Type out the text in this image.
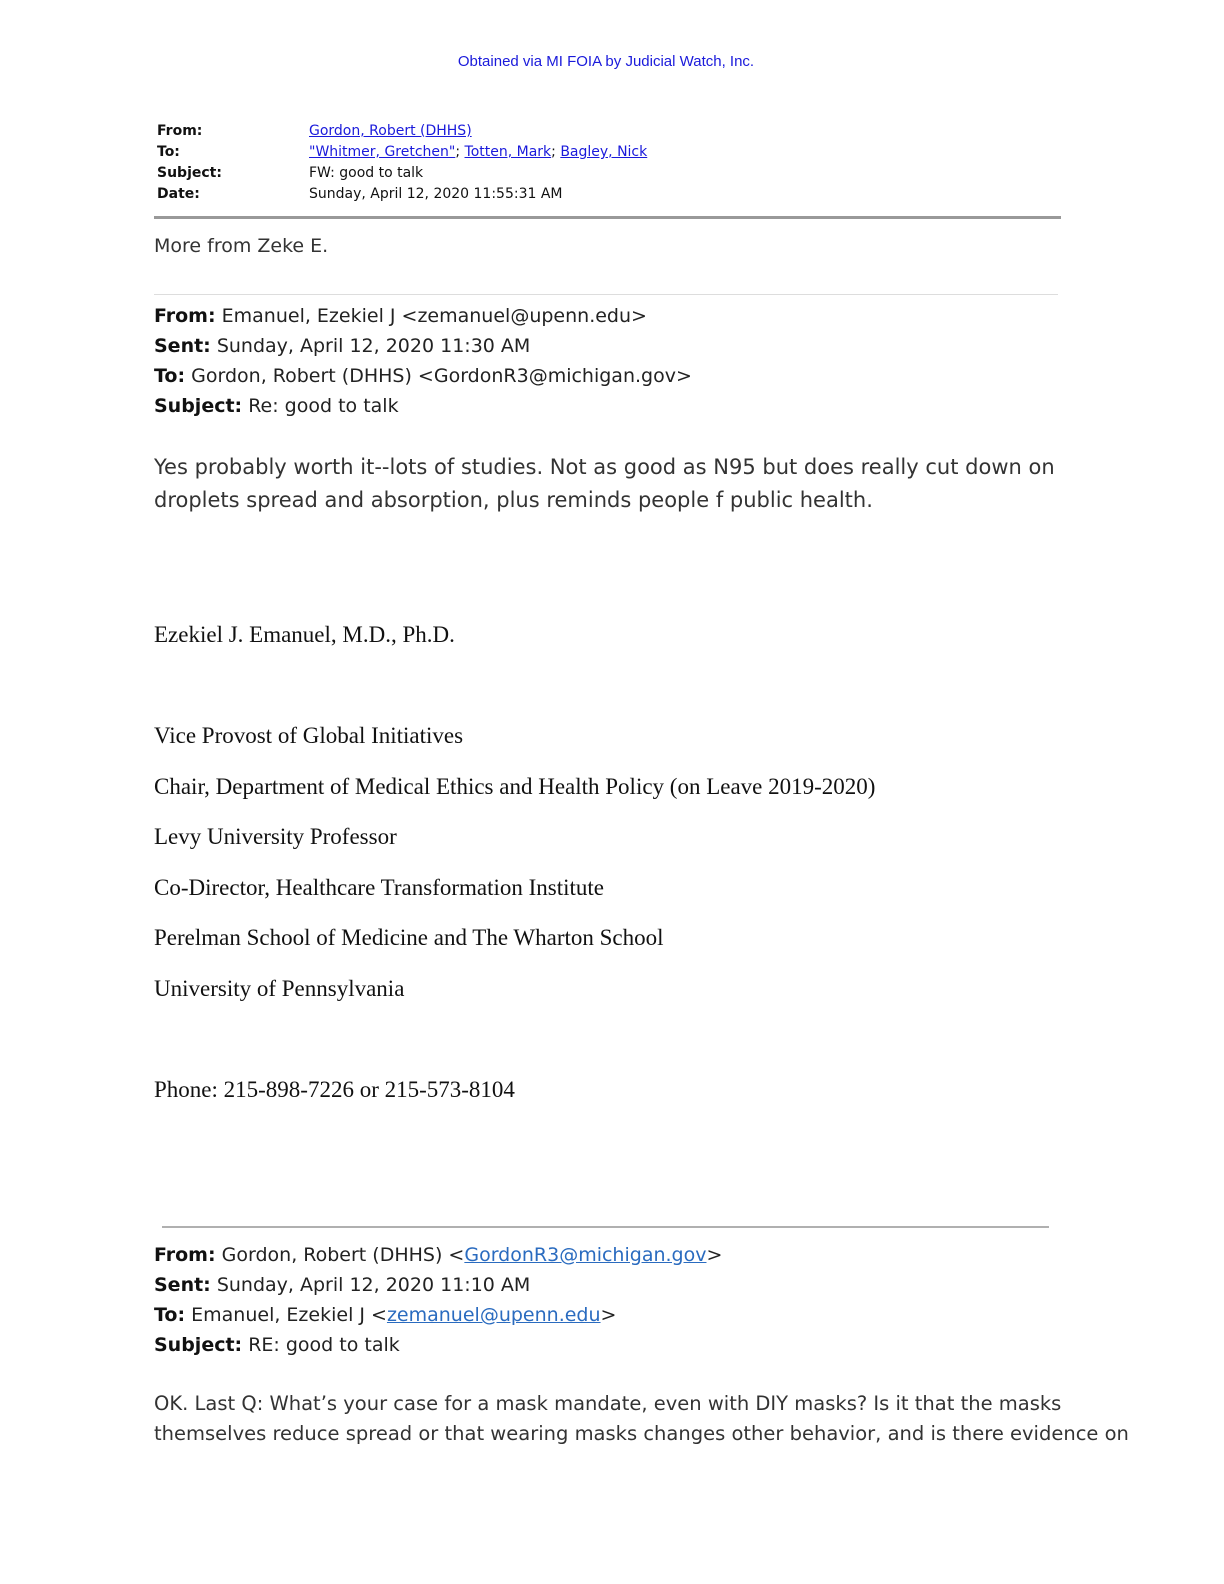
Obtained via MI FOIA by Judicial Watch, Inc.
From:	Gordon, Robert (DHHS)
To:	"Whitmer, Gretchen"; Totten, Mark; Bagley, Nick
Subject:	FW: good to talk
Date:	Sunday, April 12, 2020 11:55:31 AM
More from Zeke E.
From: Emanuel, Ezekiel J <zemanuel@upenn.edu>
Sent: Sunday, April 12, 2020 11:30 AM
To: Gordon, Robert (DHHS) <GordonR3@michigan.gov>
Subject: Re: good to talk
Yes probably worth it--lots of studies. Not as good as N95 but does really cut down on
droplets spread and absorption, plus reminds people f public health.
Ezekiel J. Emanuel, M.D., Ph.D.
Vice Provost of Global Initiatives
Chair, Department of Medical Ethics and Health Policy (on Leave 2019-2020)
Levy University Professor
Co-Director, Healthcare Transformation Institute
Perelman School of Medicine and The Wharton School
University of Pennsylvania
Phone: 215-898-7226 or 215-573-8104
From: Gordon, Robert (DHHS) <GordonR3@michigan.gov>
Sent: Sunday, April 12, 2020 11:10 AM
To: Emanuel, Ezekiel J <zemanuel@upenn.edu>
Subject: RE: good to talk
OK. Last Q: What’s your case for a mask mandate, even with DIY masks? Is it that the masks
themselves reduce spread or that wearing masks changes other behavior, and is there evidence on
